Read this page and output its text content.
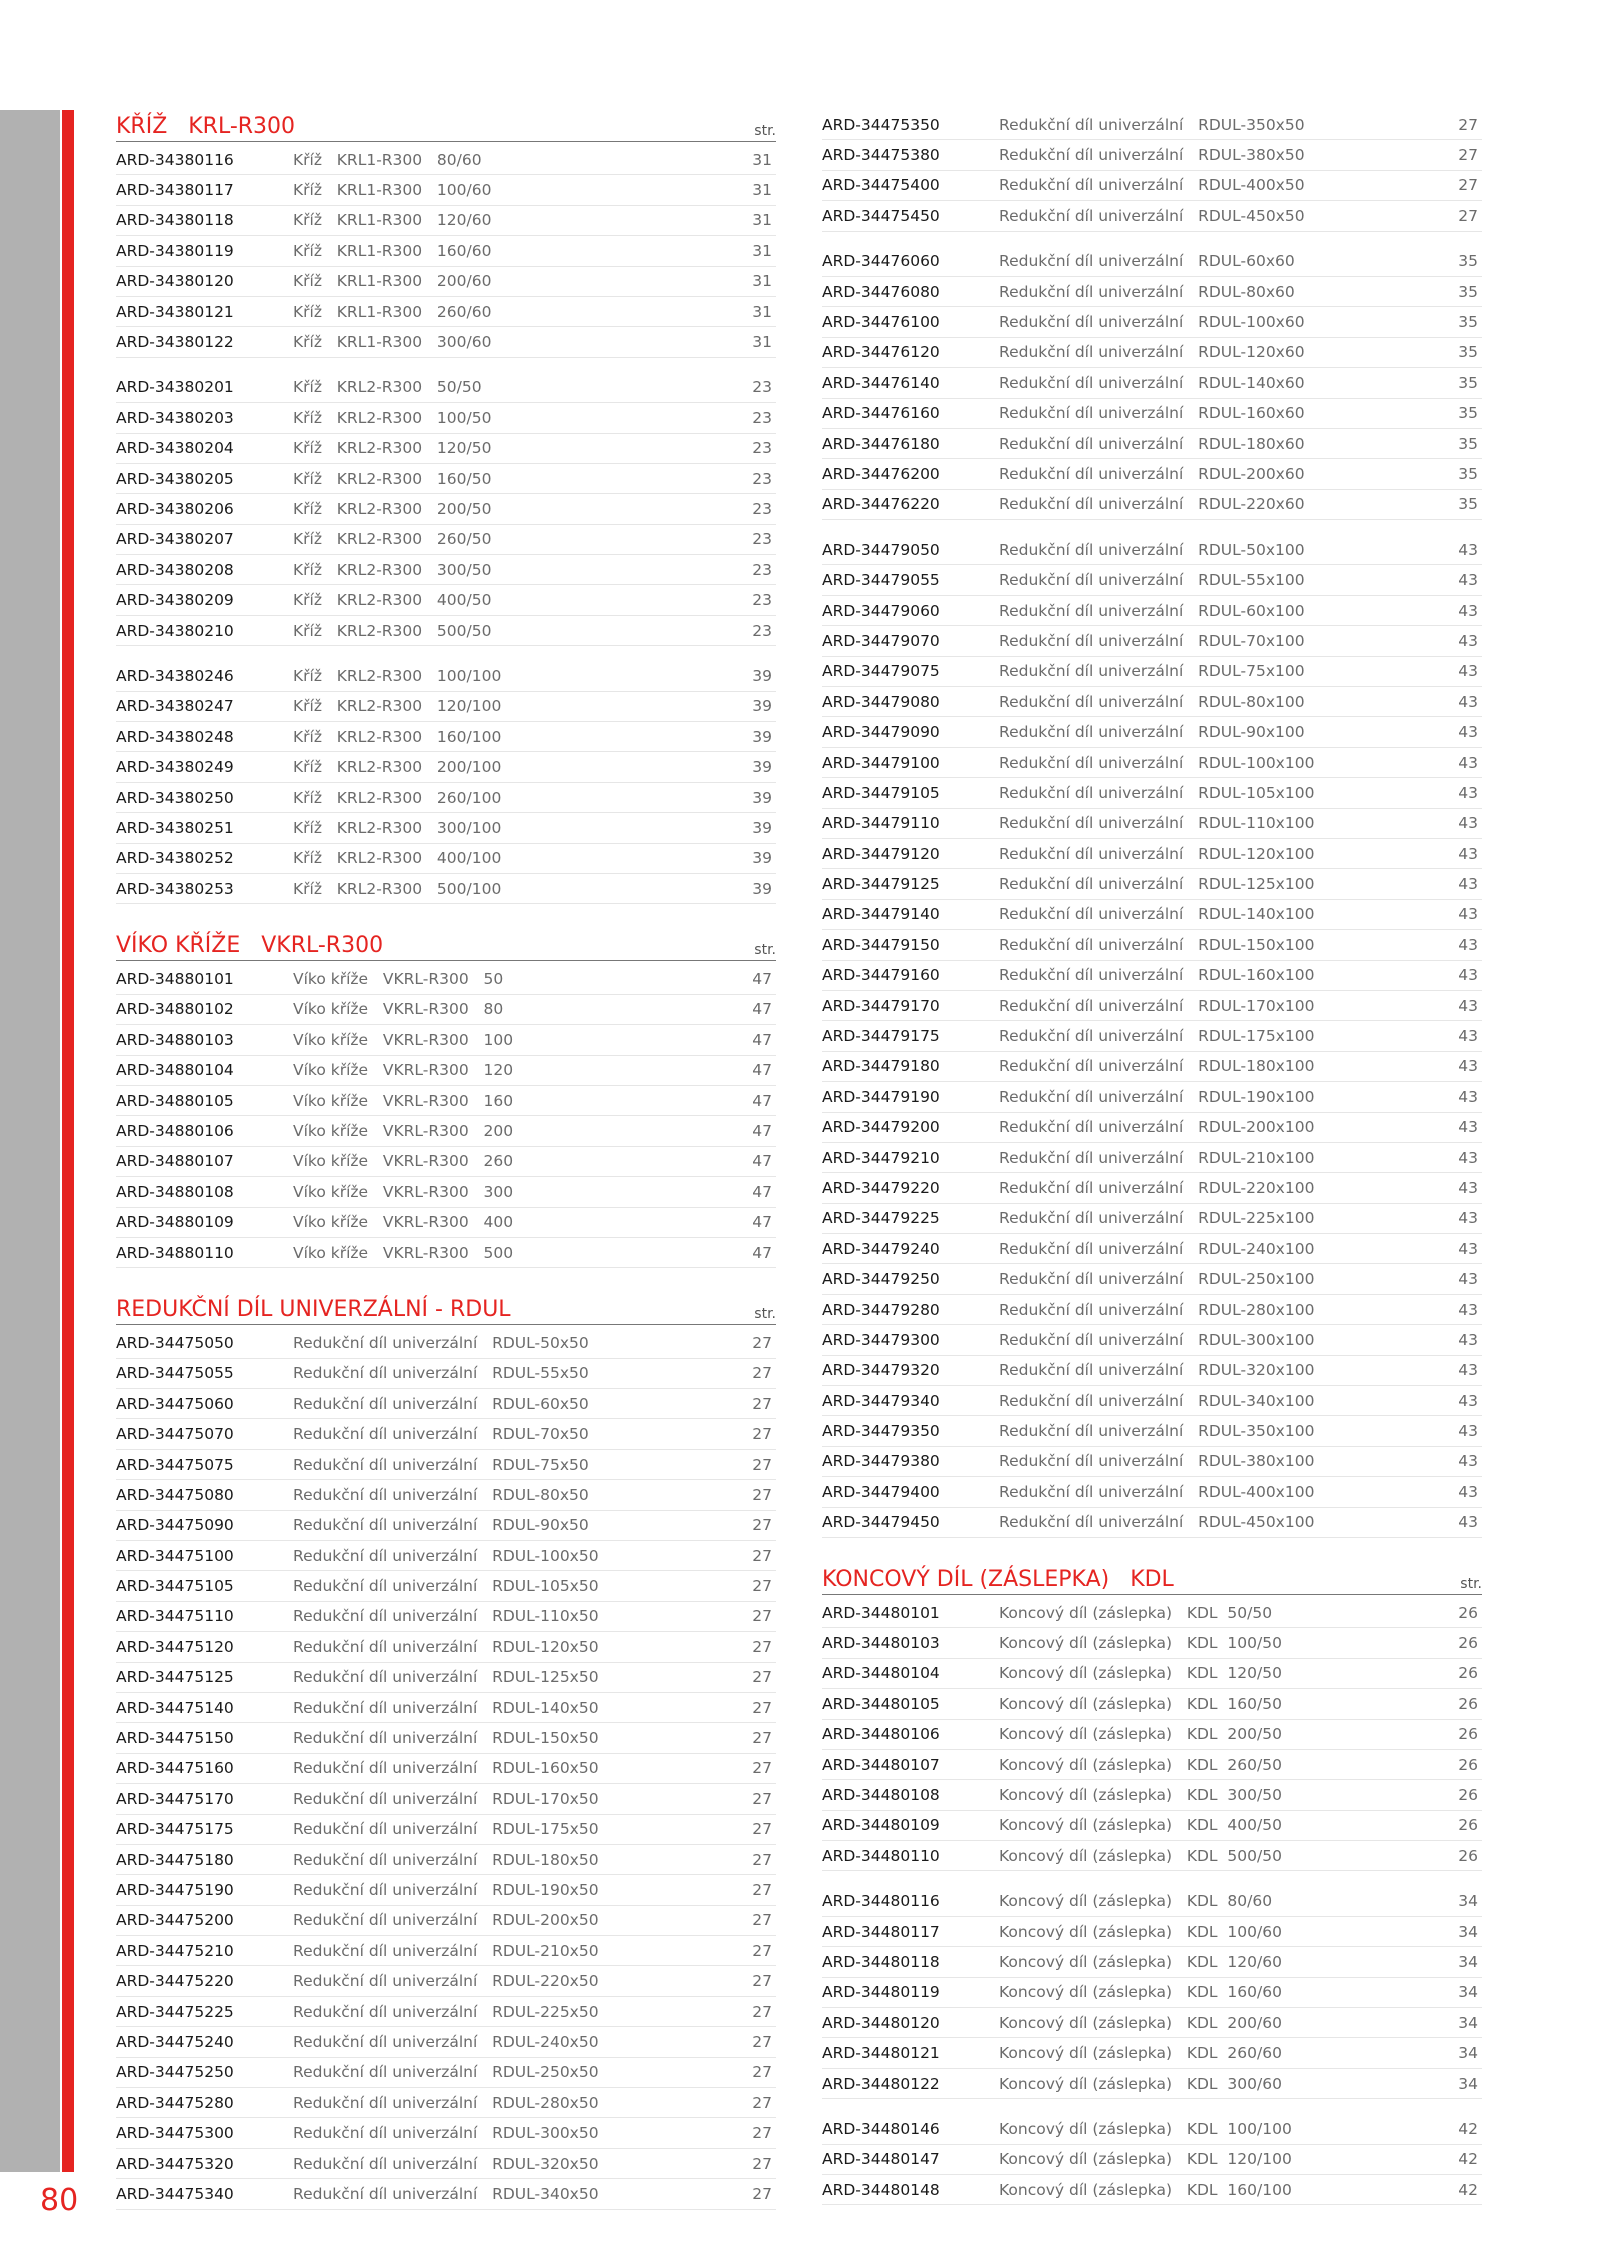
80
KŘÍŽ   KRL-R300	str.
ARD-34380116	Kříž   KRL1-R300   80/60	31
ARD-34380117	Kříž   KRL1-R300   100/60	31
ARD-34380118	Kříž   KRL1-R300   120/60	31
ARD-34380119	Kříž   KRL1-R300   160/60	31
ARD-34380120	Kříž   KRL1-R300   200/60	31
ARD-34380121	Kříž   KRL1-R300   260/60	31
ARD-34380122	Kříž   KRL1-R300   300/60	31
ARD-34380201	Kříž   KRL2-R300   50/50	23
ARD-34380203	Kříž   KRL2-R300   100/50	23
ARD-34380204	Kříž   KRL2-R300   120/50	23
ARD-34380205	Kříž   KRL2-R300   160/50	23
ARD-34380206	Kříž   KRL2-R300   200/50	23
ARD-34380207	Kříž   KRL2-R300   260/50	23
ARD-34380208	Kříž   KRL2-R300   300/50	23
ARD-34380209	Kříž   KRL2-R300   400/50	23
ARD-34380210	Kříž   KRL2-R300   500/50	23
ARD-34380246	Kříž   KRL2-R300   100/100	39
ARD-34380247	Kříž   KRL2-R300   120/100	39
ARD-34380248	Kříž   KRL2-R300   160/100	39
ARD-34380249	Kříž   KRL2-R300   200/100	39
ARD-34380250	Kříž   KRL2-R300   260/100	39
ARD-34380251	Kříž   KRL2-R300   300/100	39
ARD-34380252	Kříž   KRL2-R300   400/100	39
ARD-34380253	Kříž   KRL2-R300   500/100	39
VÍKO KŘÍŽE   VKRL-R300	str.
ARD-34880101	Víko kříže   VKRL-R300   50	47
ARD-34880102	Víko kříže   VKRL-R300   80	47
ARD-34880103	Víko kříže   VKRL-R300   100	47
ARD-34880104	Víko kříže   VKRL-R300   120	47
ARD-34880105	Víko kříže   VKRL-R300   160	47
ARD-34880106	Víko kříže   VKRL-R300   200	47
ARD-34880107	Víko kříže   VKRL-R300   260	47
ARD-34880108	Víko kříže   VKRL-R300   300	47
ARD-34880109	Víko kříže   VKRL-R300   400	47
ARD-34880110	Víko kříže   VKRL-R300   500	47
REDUKČNÍ DÍL UNIVERZÁLNÍ - RDUL	str.
ARD-34475050	Redukční díl univerzální   RDUL-50x50	27
ARD-34475055	Redukční díl univerzální   RDUL-55x50	27
ARD-34475060	Redukční díl univerzální   RDUL-60x50	27
ARD-34475070	Redukční díl univerzální   RDUL-70x50	27
ARD-34475075	Redukční díl univerzální   RDUL-75x50	27
ARD-34475080	Redukční díl univerzální   RDUL-80x50	27
ARD-34475090	Redukční díl univerzální   RDUL-90x50	27
ARD-34475100	Redukční díl univerzální   RDUL-100x50	27
ARD-34475105	Redukční díl univerzální   RDUL-105x50	27
ARD-34475110	Redukční díl univerzální   RDUL-110x50	27
ARD-34475120	Redukční díl univerzální   RDUL-120x50	27
ARD-34475125	Redukční díl univerzální   RDUL-125x50	27
ARD-34475140	Redukční díl univerzální   RDUL-140x50	27
ARD-34475150	Redukční díl univerzální   RDUL-150x50	27
ARD-34475160	Redukční díl univerzální   RDUL-160x50	27
ARD-34475170	Redukční díl univerzální   RDUL-170x50	27
ARD-34475175	Redukční díl univerzální   RDUL-175x50	27
ARD-34475180	Redukční díl univerzální   RDUL-180x50	27
ARD-34475190	Redukční díl univerzální   RDUL-190x50	27
ARD-34475200	Redukční díl univerzální   RDUL-200x50	27
ARD-34475210	Redukční díl univerzální   RDUL-210x50	27
ARD-34475220	Redukční díl univerzální   RDUL-220x50	27
ARD-34475225	Redukční díl univerzální   RDUL-225x50	27
ARD-34475240	Redukční díl univerzální   RDUL-240x50	27
ARD-34475250	Redukční díl univerzální   RDUL-250x50	27
ARD-34475280	Redukční díl univerzální   RDUL-280x50	27
ARD-34475300	Redukční díl univerzální   RDUL-300x50	27
ARD-34475320	Redukční díl univerzální   RDUL-320x50	27
ARD-34475340	Redukční díl univerzální   RDUL-340x50	27
ARD-34475350	Redukční díl univerzální   RDUL-350x50	27
ARD-34475380	Redukční díl univerzální   RDUL-380x50	27
ARD-34475400	Redukční díl univerzální   RDUL-400x50	27
ARD-34475450	Redukční díl univerzální   RDUL-450x50	27
ARD-34476060	Redukční díl univerzální   RDUL-60x60	35
ARD-34476080	Redukční díl univerzální   RDUL-80x60	35
ARD-34476100	Redukční díl univerzální   RDUL-100x60	35
ARD-34476120	Redukční díl univerzální   RDUL-120x60	35
ARD-34476140	Redukční díl univerzální   RDUL-140x60	35
ARD-34476160	Redukční díl univerzální   RDUL-160x60	35
ARD-34476180	Redukční díl univerzální   RDUL-180x60	35
ARD-34476200	Redukční díl univerzální   RDUL-200x60	35
ARD-34476220	Redukční díl univerzální   RDUL-220x60	35
ARD-34479050	Redukční díl univerzální   RDUL-50x100	43
ARD-34479055	Redukční díl univerzální   RDUL-55x100	43
ARD-34479060	Redukční díl univerzální   RDUL-60x100	43
ARD-34479070	Redukční díl univerzální   RDUL-70x100	43
ARD-34479075	Redukční díl univerzální   RDUL-75x100	43
ARD-34479080	Redukční díl univerzální   RDUL-80x100	43
ARD-34479090	Redukční díl univerzální   RDUL-90x100	43
ARD-34479100	Redukční díl univerzální   RDUL-100x100	43
ARD-34479105	Redukční díl univerzální   RDUL-105x100	43
ARD-34479110	Redukční díl univerzální   RDUL-110x100	43
ARD-34479120	Redukční díl univerzální   RDUL-120x100	43
ARD-34479125	Redukční díl univerzální   RDUL-125x100	43
ARD-34479140	Redukční díl univerzální   RDUL-140x100	43
ARD-34479150	Redukční díl univerzální   RDUL-150x100	43
ARD-34479160	Redukční díl univerzální   RDUL-160x100	43
ARD-34479170	Redukční díl univerzální   RDUL-170x100	43
ARD-34479175	Redukční díl univerzální   RDUL-175x100	43
ARD-34479180	Redukční díl univerzální   RDUL-180x100	43
ARD-34479190	Redukční díl univerzální   RDUL-190x100	43
ARD-34479200	Redukční díl univerzální   RDUL-200x100	43
ARD-34479210	Redukční díl univerzální   RDUL-210x100	43
ARD-34479220	Redukční díl univerzální   RDUL-220x100	43
ARD-34479225	Redukční díl univerzální   RDUL-225x100	43
ARD-34479240	Redukční díl univerzální   RDUL-240x100	43
ARD-34479250	Redukční díl univerzální   RDUL-250x100	43
ARD-34479280	Redukční díl univerzální   RDUL-280x100	43
ARD-34479300	Redukční díl univerzální   RDUL-300x100	43
ARD-34479320	Redukční díl univerzální   RDUL-320x100	43
ARD-34479340	Redukční díl univerzální   RDUL-340x100	43
ARD-34479350	Redukční díl univerzální   RDUL-350x100	43
ARD-34479380	Redukční díl univerzální   RDUL-380x100	43
ARD-34479400	Redukční díl univerzální   RDUL-400x100	43
ARD-34479450	Redukční díl univerzální   RDUL-450x100	43
KONCOVÝ DÍL (ZÁSLEPKA)   KDL	str.
ARD-34480101	Koncový díl (záslepka)   KDL  50/50	26
ARD-34480103	Koncový díl (záslepka)   KDL  100/50	26
ARD-34480104	Koncový díl (záslepka)   KDL  120/50	26
ARD-34480105	Koncový díl (záslepka)   KDL  160/50	26
ARD-34480106	Koncový díl (záslepka)   KDL  200/50	26
ARD-34480107	Koncový díl (záslepka)   KDL  260/50	26
ARD-34480108	Koncový díl (záslepka)   KDL  300/50	26
ARD-34480109	Koncový díl (záslepka)   KDL  400/50	26
ARD-34480110	Koncový díl (záslepka)   KDL  500/50	26
ARD-34480116	Koncový díl (záslepka)   KDL  80/60	34
ARD-34480117	Koncový díl (záslepka)   KDL  100/60	34
ARD-34480118	Koncový díl (záslepka)   KDL  120/60	34
ARD-34480119	Koncový díl (záslepka)   KDL  160/60	34
ARD-34480120	Koncový díl (záslepka)   KDL  200/60	34
ARD-34480121	Koncový díl (záslepka)   KDL  260/60	34
ARD-34480122	Koncový díl (záslepka)   KDL  300/60	34
ARD-34480146	Koncový díl (záslepka)   KDL  100/100	42
ARD-34480147	Koncový díl (záslepka)   KDL  120/100	42
ARD-34480148	Koncový díl (záslepka)   KDL  160/100	42
